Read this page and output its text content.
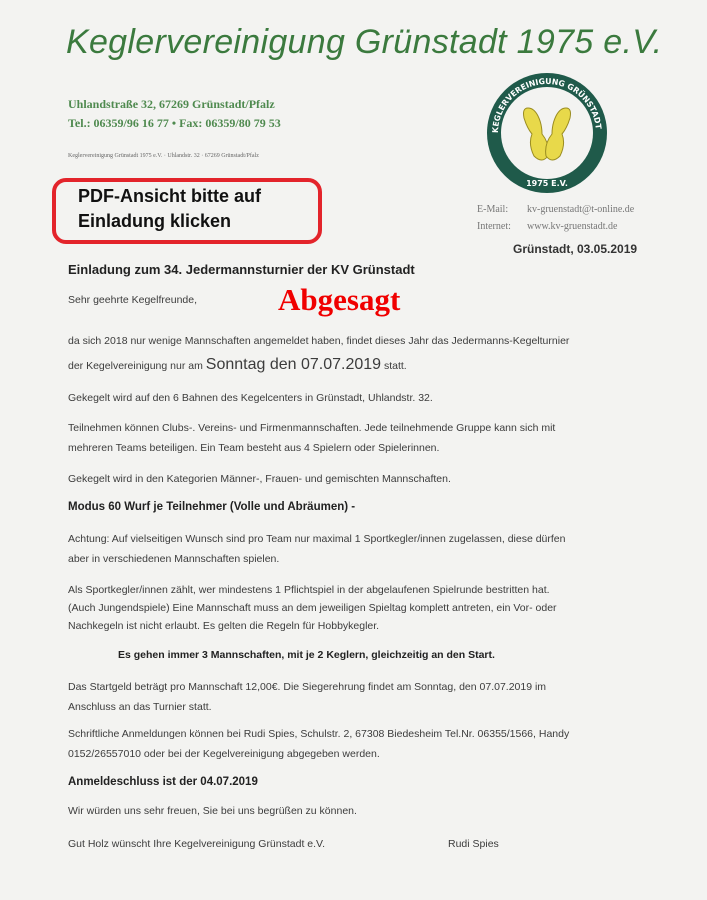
Keglervereinigung Grünstadt 1975 e.V.
Uhlandstraße 32, 67269 Grünstadt/Pfalz
Tel.: 06359/96 16 77 • Fax: 06359/80 79 53
Keglervereinigung Grünstadt 1975 e.V. · Uhlandstr. 32 · 67269 Grünstadt/Pfalz
KEGLERVEREINIGUNG GRÜNSTADT
1975 E.V.
PDF-Ansicht bitte auf
Einladung klicken
E-Mail: kv-gruenstadt@t-online.de
Internet: www.kv-gruenstadt.de
Grünstadt, 03.05.2019
Einladung zum 34. Jedermannsturnier der KV Grünstadt
Sehr geehrte Kegelfreunde,	Abgesagt
da sich 2018 nur wenige Mannschaften angemeldet haben, findet dieses Jahr das Jedermanns-Kegelturnier
der Kegelvereinigung nur am Sonntag den 07.07.2019 statt.
Gekegelt wird auf den 6 Bahnen des Kegelcenters in Grünstadt, Uhlandstr. 32.
Teilnehmen können Clubs-. Vereins- und Firmenmannschaften. Jede teilnehmende Gruppe kann sich mit
mehreren Teams beteiligen. Ein Team besteht aus 4 Spielern oder Spielerinnen.
Gekegelt wird in den Kategorien Männer-, Frauen- und gemischten Mannschaften.
Modus 60 Wurf je Teilnehmer (Volle und Abräumen) -
Achtung: Auf vielseitigen Wunsch sind pro Team nur maximal 1 Sportkegler/innen zugelassen, diese dürfen
aber in verschiedenen Mannschaften spielen.
Als Sportkegler/innen zählt, wer mindestens 1 Pflichtspiel in der abgelaufenen Spielrunde bestritten hat.
(Auch Jungendspiele) Eine Mannschaft muss an dem jeweiligen Spieltag komplett antreten, ein Vor- oder
Nachkegeln ist nicht erlaubt. Es gelten die Regeln für Hobbykegler.
Es gehen immer 3 Mannschaften, mit je 2 Keglern, gleichzeitig an den Start.
Das Startgeld beträgt pro Mannschaft 12,00€. Die Siegerehrung findet am Sonntag, den 07.07.2019 im
Anschluss an das Turnier statt.
Schriftliche Anmeldungen können bei Rudi Spies, Schulstr. 2, 67308 Biedesheim Tel.Nr. 06355/1566, Handy
0152/26557010 oder bei der Kegelvereinigung abgegeben werden.
Anmeldeschluss ist der 04.07.2019
Wir würden uns sehr freuen, Sie bei uns begrüßen zu können.
Gut Holz wünscht Ihre Kegelvereinigung Grünstadt e.V.	Rudi Spies
